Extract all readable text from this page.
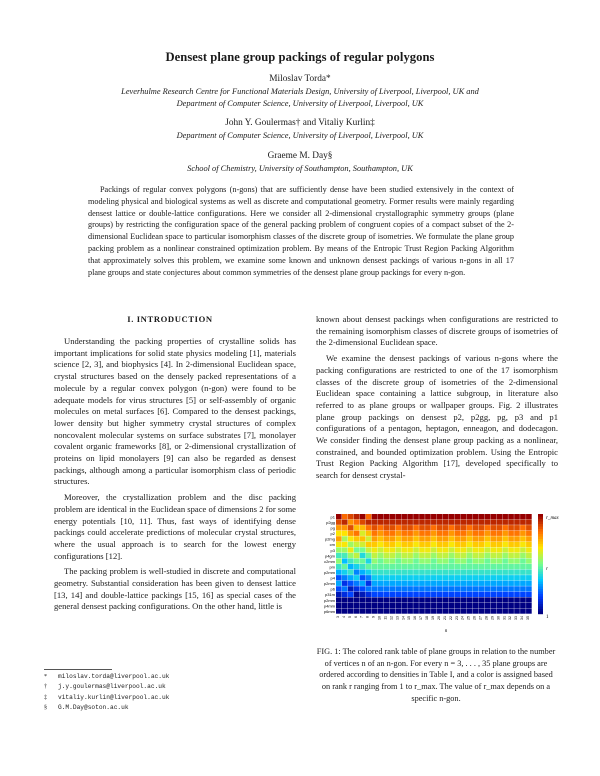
Densest plane group packings of regular polygons
Miloslav Torda*
Leverhulme Research Centre for Functional Materials Design, University of Liverpool, Liverpool, UK and
Department of Computer Science, University of Liverpool, Liverpool, UK
John Y. Goulermas† and Vitaliy Kurlin‡
Department of Computer Science, University of Liverpool, Liverpool, UK
Graeme M. Day§
School of Chemistry, University of Southampton, Southampton, UK
Packings of regular convex polygons (n-gons) that are sufficiently dense have been studied extensively in the context of modeling physical and biological systems as well as discrete and computational geometry. Former results were mainly regarding densest lattice or double-lattice configurations. Here we consider all 2-dimensional crystallographic symmetry groups (plane groups) by restricting the configuration space of the general packing problem of congruent copies of a compact subset of the 2-dimensional Euclidean space to particular isomorphism classes of the discrete group of isometries. We formulate the plane group packing problem as a nonlinear constrained optimization problem. By means of the Entropic Trust Region Packing Algorithm that approximately solves this problem, we examine some known and unknown densest packings of various n-gons in all 17 plane groups and state conjectures about common symmetries of the densest plane group packings for every n-gon.
I. INTRODUCTION

Understanding the packing properties of crystalline solids has important implications for solid state physics modeling [1], materials science [2, 3], and biophysics [4]. In 2-dimensional Euclidean space, crystal structures based on the densely packed representations of a molecule by a regular convex polygon (n-gon) were found to be adequate models for virus structures [5] or self-assembly of organic molecules on metal surfaces [6]. Compared to the densest packings, lower density but higher symmetry crystal structures of complex noncovalent molecular systems on surface substrates [7], monolayer covalent organic frameworks [8], or 2-dimensional crystallization of proteins on lipid monolayers [9] can also be regarded as densest packings, although among a particular isomorphism class of periodic structures.

Moreover, the crystallization problem and the disc packing problem are identical in the Euclidean space of dimensions 2 for some energy potentials [10, 11]. Thus, fast ways of identifying dense packings could accelerate predictions of molecular crystal structures, where the usual approach is to search for the lowest energy configurations [12].

The packing problem is well-studied in discrete and computational geometry. Substantial consideration has been given to densest lattice [13, 14] and double-lattice packings [15, 16] as special cases of the general densest packing configurations. On the other hand, little is

known about densest packings when configurations are restricted to the remaining isomorphism classes of discrete groups of isometries of the 2-dimensional Euclidean space.

We examine the densest packings of various n-gons where the packing configurations are restricted to one of the 17 isomorphism classes of the discrete group of isometries of the 2-dimensional Euclidean space containing a lattice subgroup, in literature also referred to as plane groups or wallpaper groups. Fig. 2 illustrates plane group packings on densest p2, p2gg, pg, p3 and p1 configurations of a pentagon, heptagon, enneagon, and dodecagon. We consider finding the densest plane group packing as a nonlinear, constrained, and bounded optimization problem. Using the Entropic Trust Region Packing Algorithm [17], developed specifically to search for densest crystal-

p1
p2gg
pg
p2
p2mg
cm
p3
p4gm
c2mm
pm
p2mm
p4
p2mm
p6
p31m
p2mm
p4mm
p6mm
3 4 5 6 7 8 9 10 11 12 13 14 15 16 17 18 19 20 21 22 23 24 25 26 27 28 29 30 31 32 33 34 35
n
r_max
r
1
FIG. 1: The colored rank table of plane groups in relation to the number of vertices n of an n-gon. For every n = 3, . . . , 35 plane groups are ordered according to densities in Table I, and a color is assigned based on rank r ranging from 1 to r_max. The value of r_max depends on a specific n-gon.
* miloslav.torda@liverpool.ac.uk
† j.y.goulermas@liverpool.ac.uk
‡ vitaliy.kurlin@liverpool.ac.uk
§ G.M.Day@soton.ac.uk
